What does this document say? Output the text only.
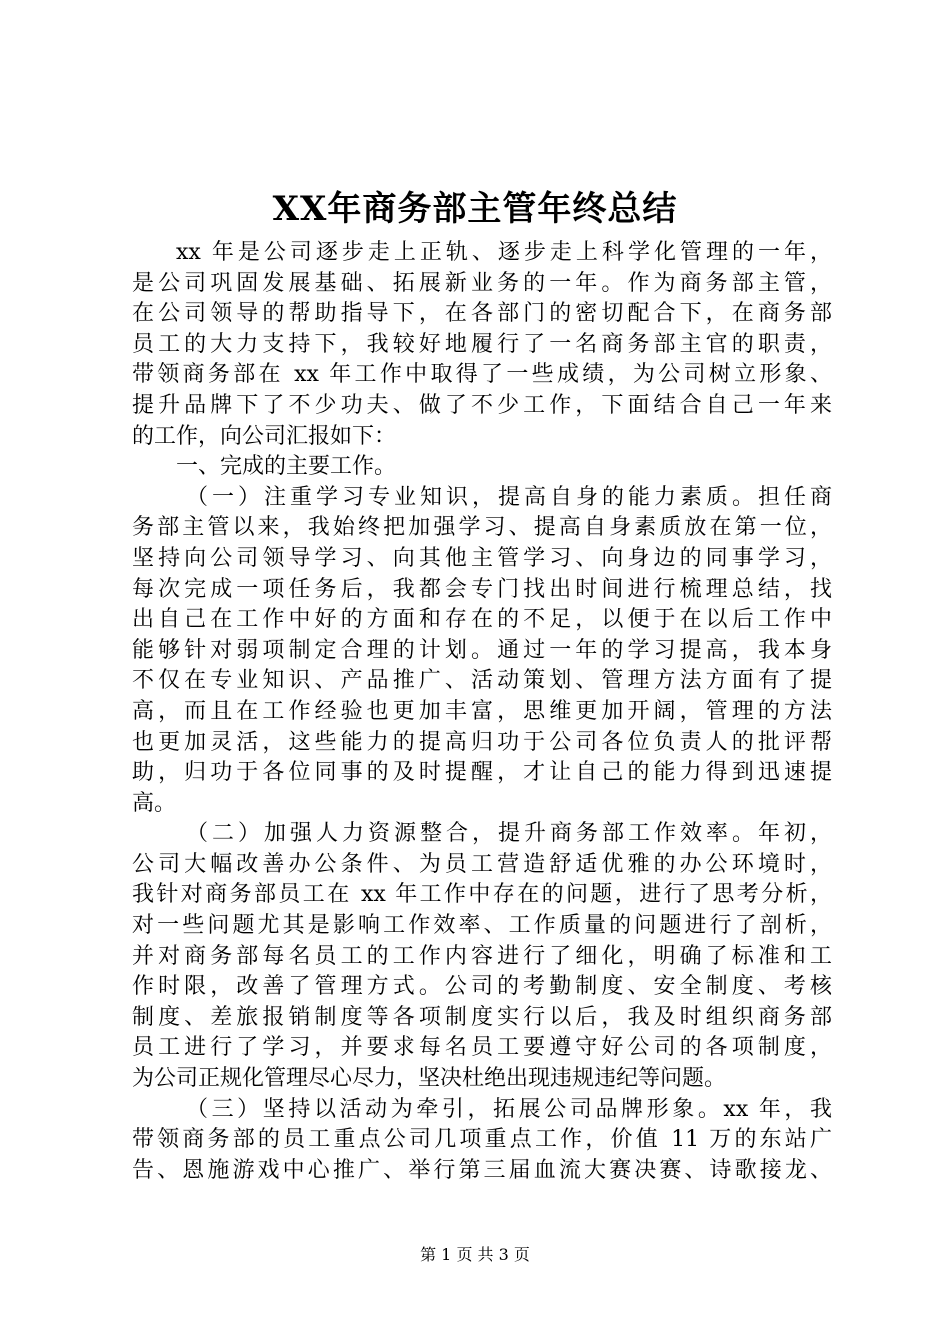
XX年商务部主管年终总结
xx 年是公司逐步走上正轨、逐步走上科学化管理的一年，
是公司巩固发展基础、拓展新业务的一年。作为商务部主管，
在公司领导的帮助指导下，在各部门的密切配合下，在商务部
员工的大力支持下，我较好地履行了一名商务部主官的职责，
带领商务部在 xx 年工作中取得了一些成绩，为公司树立形象、
提升品牌下了不少功夫、做了不少工作，下面结合自己一年来
的工作，向公司汇报如下：
一、完成的主要工作。
（一）注重学习专业知识，提高自身的能力素质。担任商
务部主管以来，我始终把加强学习、提高自身素质放在第一位，
坚持向公司领导学习、向其他主管学习、向身边的同事学习，
每次完成一项任务后，我都会专门找出时间进行梳理总结，找
出自己在工作中好的方面和存在的不足，以便于在以后工作中
能够针对弱项制定合理的计划。通过一年的学习提高，我本身
不仅在专业知识、产品推广、活动策划、管理方法方面有了提
高，而且在工作经验也更加丰富，思维更加开阔，管理的方法
也更加灵活，这些能力的提高归功于公司各位负责人的批评帮
助，归功于各位同事的及时提醒，才让自己的能力得到迅速提
高。
（二）加强人力资源整合，提升商务部工作效率。年初，
公司大幅改善办公条件、为员工营造舒适优雅的办公环境时，
我针对商务部员工在 xx 年工作中存在的问题，进行了思考分析，
对一些问题尤其是影响工作效率、工作质量的问题进行了剖析，
并对商务部每名员工的工作内容进行了细化，明确了标准和工
作时限，改善了管理方式。公司的考勤制度、安全制度、考核
制度、差旅报销制度等各项制度实行以后，我及时组织商务部
员工进行了学习，并要求每名员工要遵守好公司的各项制度，
为公司正规化管理尽心尽力，坚决杜绝出现违规违纪等问题。
（三）坚持以活动为牵引，拓展公司品牌形象。xx 年，我
带领商务部的员工重点公司几项重点工作，价值 11 万的东站广
告、恩施游戏中心推广、举行第三届血流大赛决赛、诗歌接龙、
第 1 页 共 3 页
